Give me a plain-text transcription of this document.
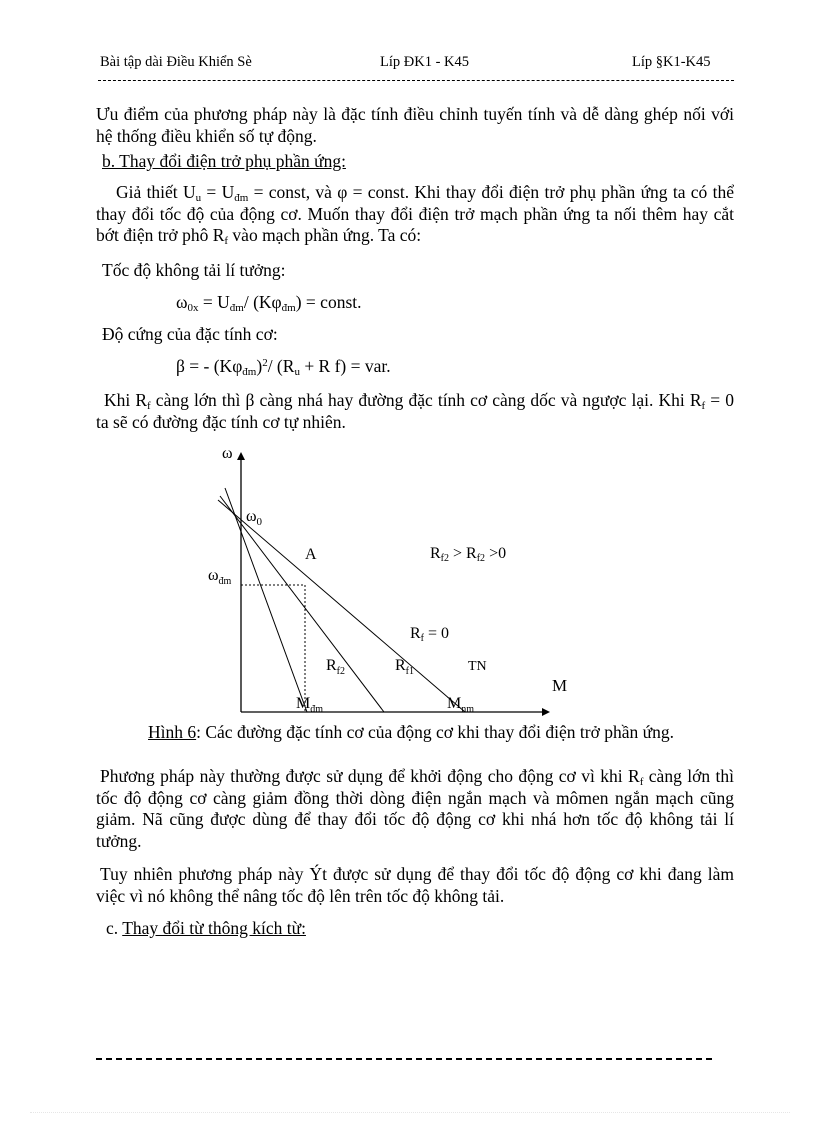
Bài tập dài Điều Khiển Sè	Líp ĐK1 - K45	Líp §K1-K45
Ưu điểm của phương pháp này là đặc tính điều chỉnh tuyến tính và dễ dàng ghép nối với hệ thống điều khiển số tự động.
b. Thay đổi điện trở phụ phần ứng:
Giả thiết $U_u = U_{đm}$ = const, và φ = const. Khi thay đổi điện trở phụ phần ứng ta có thể thay đổi tốc độ của động cơ. Muốn thay đổi điện trở mạch phần ứng ta nối thêm hay cắt bớt điện trở phô $R_f$ vào mạch phần ứng. Ta có:
Tốc độ không tải lí tưởng:
$\omega_{0x} = U_{đm}/$ $(K\varphi_{đm})$ = const.
Độ cứng của đặc tính cơ:
β = - $(K\varphi_{đm})^2/$ ($R_u + R$ f) = var.
Khi $R_f$ càng lớn thì β càng nhá hay đường đặc tính cơ càng dốc và ngược lại. Khi $R_f = 0$ ta sẽ có đường đặc tính cơ tự nhiên.
ω
$\omega_0$
$\omega_{đm}$
A	Rf2 > Rf2 >0
Rf = 0
$R_{f2}$	$R_{f1}$	TN
M
$M_{đm}$	$M_{nm}$
Hình 6: Các đường đặc tính cơ của động cơ khi thay đổi điện trở phần ứng.
Phương pháp này thường được sử dụng để khởi động cho động cơ vì khi $R_f$ càng lớn thì tốc độ động cơ càng giảm đồng thời dòng điện ngắn mạch và mômen ngắn mạch cũng giảm. Nã cũng được dùng để thay đổi tốc độ động cơ khi nhá hơn tốc độ không tải lí tưởng.
Tuy nhiên phương pháp này Ýt được sử dụng để thay đổi tốc độ động cơ khi đang làm việc vì nó không thể nâng tốc độ lên trên tốc độ không tải.
c. Thay đổi từ thông kích từ:
